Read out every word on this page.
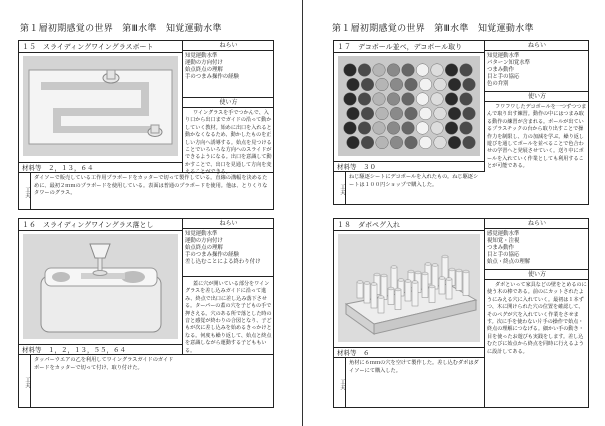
第１層初期感覚の世界　第Ⅲ水準　知覚運動水準
１５　スライディングワイングラスボート
材料等　２，１３，６４
ねらい
知覚運動水準
運動の方向付け
始点終点の理解
手のつまみ操作の経験
使い方
ワイングラスを手でつかんで、入り口から出口までガイドの沿って動かしていく教材。始めに出口を入れると動かなくなるため、動かしたものを正しい方向へ誘導する。始点を見つけることでいろいろな方向へのスライドができるようになる。出口を意識して動かすことで、出口を見通して方向を変えることができる。
工夫
ダイソーで販売している工作用プラボードをカッターで切って製作している。直線の溝幅を決めるために、最初２ｍｍのプラボードを使用している。表面は普通のプラボードを使用。他は、とりくりなタワーのグラス。
１６　スライディングワイングラス落とし
材料等　１，２，１３，５５，６４
ねらい
知覚運動水準
運動の方向付け
始点終点の理解
手のつまみ操作の経験
差し込むことによる終わり付け
蓋に穴が開いている部分をワイングラスを差し込みガイドに沿って進み、終点で出口に差し込み落下させる。ターパーの蓋の穴を子どもの手で押さえる。穴のある所で落とした時の音と感覚が終わりの合図となり、子どもが次に差し込みを始めるきっかけとなる。何度も繰り返して、始点と終点を意識しながら運動する子どももいる。
工夫
タッパーウエアの乙を利用してワイングラスガイドのガイドボードをカッターで切って付け、取り付けた。
第１層初期感覚の世界　第Ⅲ水準　知覚運動水準
１７　デコボール並べ，デコボール取り
材料等　３０
ねらい
知覚運動水準
パターン知覚水準
つまみ動作
目と手の協応
色の弁別
使い方
フワフワしたデコボールを一つずつつまんで取り出す練習。動作の中にはつまみ取る動作の練習が含まれる。ボールが出ているプラスチックの台から取り出すことで操作力を制限し、力の加減を学ぶ。繰り返し遊びを通してボールを並べることで色合わせの学習へと発展させていく。送り中にボールを入れていく作業としても利用することが可能である。
工夫
ねじ駆逐シートにデコボールを入れたもの。ねじ駆逐シートは１００円ショップで購入した。
１８　ダボペグ入れ
材料等　６
ねらい
感覚運動水準
視知覚・注視
つまみ動作
目と手の協応
始点・終点の理解
使い方
ダボといって家具などの壁をとめるのに使う木の棒である。前のにカットされたようにみえる穴に入れていく。最初は１本ずつ、木に開けられた穴の位置を確認して、そのペグが穴を入れていく作業をさせます。次に手を使わない片手の操作で始点・終点の理解につなげる。細かい手の動き・目を使ったお遊びも実践をします。差し込むたびに始点から終点を同時に行えるように設計してある。
工夫
角材に６ｍｍの穴を空けて製作した。差し込むダボはダイソーにて購入した。
